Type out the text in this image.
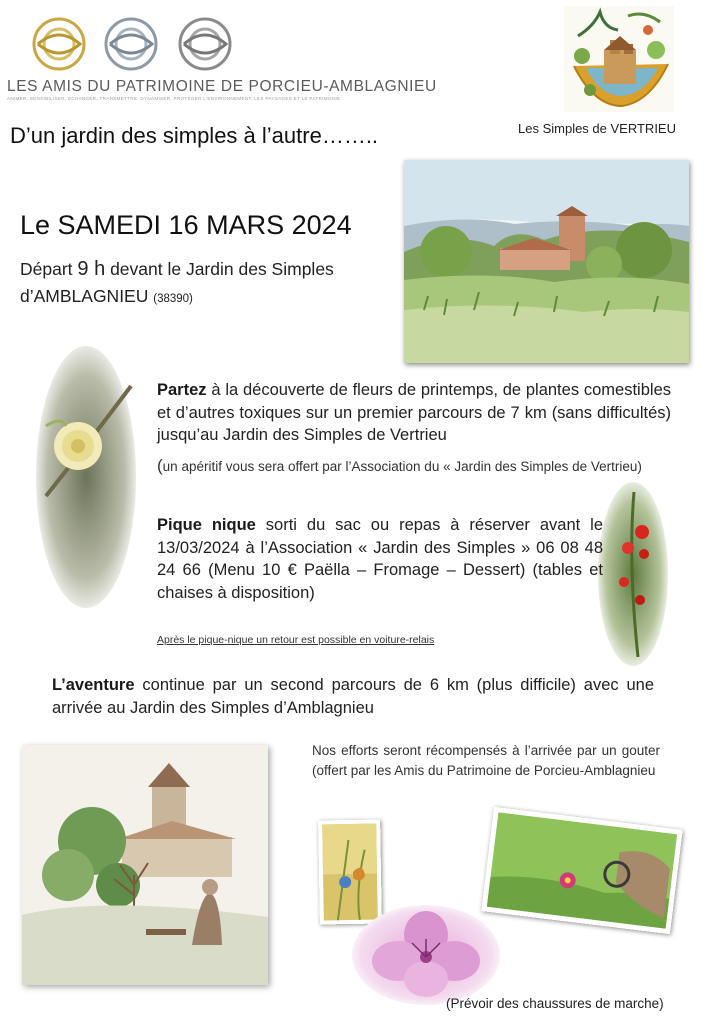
LES AMIS DU PATRIMOINE DE PORCIEU-AMBLAGNIEU
ANIMER, SENSIBILISER, ÉCHANGER, TRANSMETTRE, DYNAMISER, PROTÉGER L'ENVIRONNEMENT, LES PAYSAGES ET LE PATRIMOINE
Les Simples de VERTRIEU
D’un jardin des simples à l’autre……..
Le SAMEDI 16 MARS 2024
Départ 9 h devant le Jardin des Simples d’AMBLAGNIEU (38390)
Partez à la découverte de fleurs de printemps, de plantes comestibles et d’autres toxiques sur un premier parcours de 7 km (sans difficultés) jusqu’au Jardin des Simples de Vertrieu
(un apéritif vous sera offert par l’Association du « Jardin des Simples de Vertrieu)
Pique nique sorti du sac ou repas à réserver avant le 13/03/2024 à l’Association « Jardin des Simples » 06 08 48 24 66 (Menu 10 € Paëlla – Fromage – Dessert) (tables et chaises à disposition)
Après le pique-nique un retour est possible en voiture-relais
L’aventure continue par un second parcours de 6 km (plus difficile) avec une arrivée au Jardin des Simples d’Amblagnieu
Nos efforts seront récompensés à l’arrivée par un gouter (offert par les Amis du Patrimoine de Porcieu-Amblagnieu
(Prévoir des chaussures de marche)
